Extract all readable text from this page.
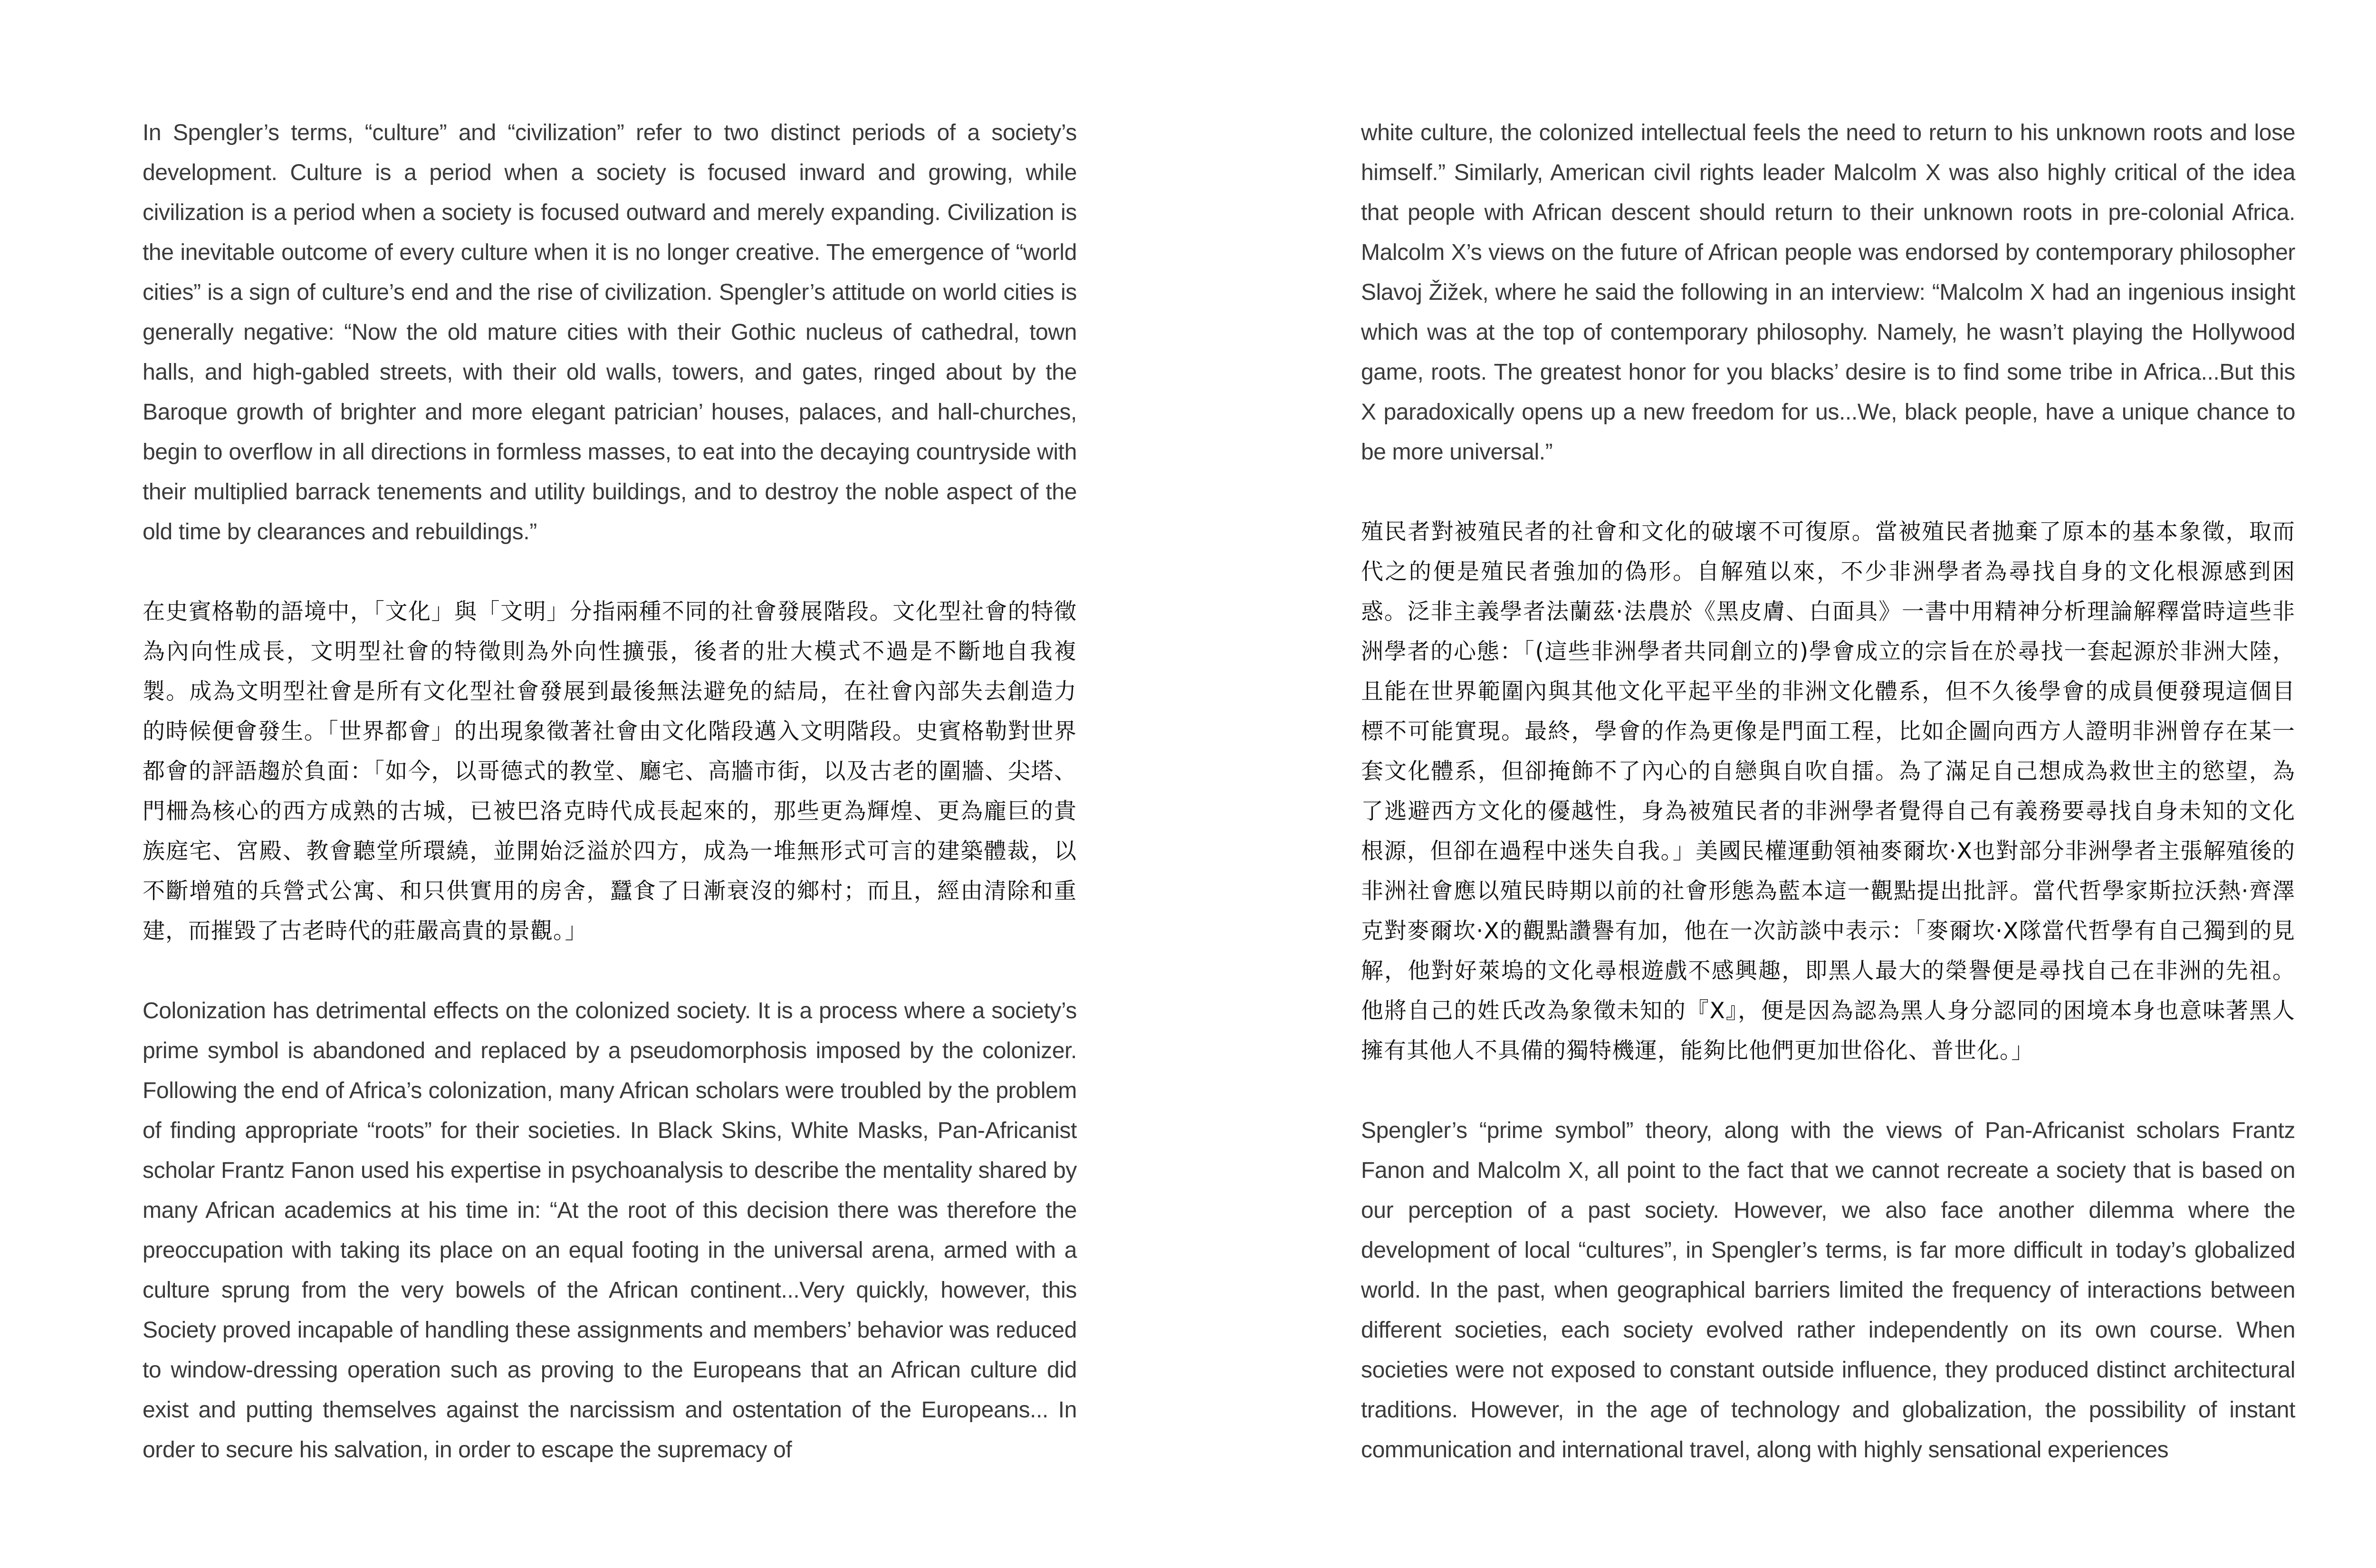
In Spengler’s terms, “culture” and “civilization” refer to two distinct periods of a society’s development. Culture is a period when a society is focused inward and growing, while civilization is a period when a society is focused outward and merely expanding. Civilization is the inevitable outcome of every culture when it is no longer creative. The emergence of “world cities” is a sign of culture’s end and the rise of civilization. Spengler’s attitude on world cities is generally negative: “Now the old mature cities with their Gothic nucleus of cathedral, town halls, and high-gabled streets, with their old walls, towers, and gates, ringed about by the Baroque growth of brighter and more elegant patrician’ houses, palaces, and hall-churches, begin to overflow in all directions in formless masses, to eat into the decaying countryside with their multiplied barrack tenements and utility buildings, and to destroy the noble aspect of the old time by clearances and rebuildings.”

在史賓格勒的語境中，「文化」與「文明」分指兩種不同的社會發展階段。文化型社會的特徵為內向性成長，文明型社會的特徵則為外向性擴張，後者的壯大模式不過是不斷地自我複製。成為文明型社會是所有文化型社會發展到最後無法避免的結局，在社會內部失去創造力的時候便會發生。「世界都會」的出現象徵著社會由文化階段邁入文明階段。史賓格勒對世界都會的評語趨於負面：「如今，以哥德式的教堂、廳宅、高牆市街，以及古老的圍牆、尖塔、門柵為核心的西方成熟的古城，已被巴洛克時代成長起來的，那些更為輝煌、更為龐巨的貴族庭宅、宮殿、教會聽堂所環繞，並開始泛溢於四方，成為一堆無形式可言的建築體裁，以不斷增殖的兵營式公寓、和只供實用的房舍，蠶食了日漸衰沒的鄉村；而且，經由清除和重建，而摧毀了古老時代的莊嚴高貴的景觀。」

Colonization has detrimental effects on the colonized society. It is a process where a society’s prime symbol is abandoned and replaced by a pseudomorphosis imposed by the colonizer. Following the end of Africa’s colonization, many African scholars were troubled by the problem of finding appropriate “roots” for their societies. In Black Skins, White Masks, Pan-Africanist scholar Frantz Fanon used his expertise in psychoanalysis to describe the mentality shared by many African academics at his time in: “At the root of this decision there was therefore the preoccupation with taking its place on an equal footing in the universal arena, armed with a culture sprung from the very bowels of the African continent...Very quickly, however, this Society proved incapable of handling these assignments and members’ behavior was reduced to window-dressing operation such as proving to the Europeans that an African culture did exist and putting themselves against the narcissism and ostentation of the Europeans... In order to secure his salvation, in order to escape the supremacy of

white culture, the colonized intellectual feels the need to return to his unknown roots and lose himself.” Similarly, American civil rights leader Malcolm X was also highly critical of the idea that people with African descent should return to their unknown roots in pre-colonial Africa. Malcolm X’s views on the future of African people was endorsed by contemporary philosopher Slavoj Žižek, where he said the following in an interview: “Malcolm X had an ingenious insight which was at the top of contemporary philosophy. Namely, he wasn’t playing the Hollywood game, roots. The greatest honor for you blacks’ desire is to find some tribe in Africa...But this X paradoxically opens up a new freedom for us...We, black people, have a unique chance to be more universal.”

殖民者對被殖民者的社會和文化的破壞不可復原。當被殖民者拋棄了原本的基本象徵，取而代之的便是殖民者強加的偽形。自解殖以來，不少非洲學者為尋找自身的文化根源感到困惑。泛非主義學者法蘭茲·法農於《黑皮膚、白面具》一書中用精神分析理論解釋當時這些非洲學者的心態：「(這些非洲學者共同創立的)學會成立的宗旨在於尋找一套起源於非洲大陸，且能在世界範圍內與其他文化平起平坐的非洲文化體系，但不久後學會的成員便發現這個目標不可能實現。最終，學會的作為更像是門面工程，比如企圖向西方人證明非洲曾存在某一套文化體系，但卻掩飾不了內心的自戀與自吹自擂。為了滿足自己想成為救世主的慾望，為了逃避西方文化的優越性，身為被殖民者的非洲學者覺得自己有義務要尋找自身未知的文化根源，但卻在過程中迷失自我。」美國民權運動領袖麥爾坎·X也對部分非洲學者主張解殖後的非洲社會應以殖民時期以前的社會形態為藍本這一觀點提出批評。當代哲學家斯拉沃熱·齊澤克對麥爾坎·X的觀點讚譽有加，他在一次訪談中表示：「麥爾坎·X隊當代哲學有自己獨到的見解，他對好萊塢的文化尋根遊戲不感興趣，即黑人最大的榮譽便是尋找自己在非洲的先祖。他將自己的姓氏改為象徵未知的『X』，便是因為認為黑人身分認同的困境本身也意味著黑人擁有其他人不具備的獨特機運，能夠比他們更加世俗化、普世化。」

Spengler’s “prime symbol” theory, along with the views of Pan-Africanist scholars Frantz Fanon and Malcolm X, all point to the fact that we cannot recreate a society that is based on our perception of a past society. However, we also face another dilemma where the development of local “cultures”, in Spengler’s terms, is far more difficult in today’s globalized world. In the past, when geographical barriers limited the frequency of interactions between different societies, each society evolved rather independently on its own course. When societies were not exposed to constant outside influence, they produced distinct architectural traditions. However, in the age of technology and globalization, the possibility of instant communication and international travel, along with highly sensational experiences
